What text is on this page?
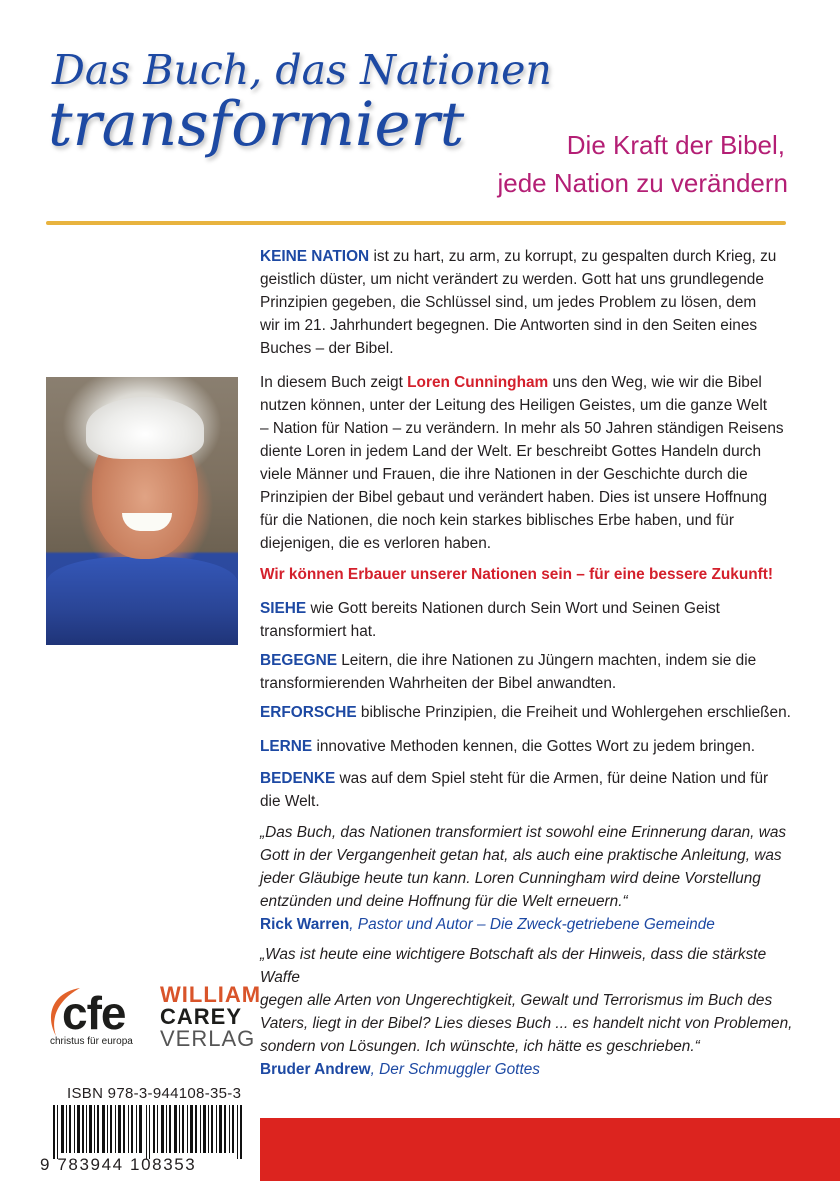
Das Buch, das Nationen
transformiert	Die Kraft der Bibel,
jede Nation zu verändern

KEINE NATION ist zu hart, zu arm, zu korrupt, zu gespalten durch Krieg, zu

geistlich düster, um nicht verändert zu werden. Gott hat uns grundlegende

Prinzipien gegeben, die Schlüssel sind, um jedes Problem zu lösen, dem

wir im 21. Jahrhundert begegnen. Die Antworten sind in den Seiten eines

Buches – der Bibel.

In diesem Buch zeigt Loren Cunningham uns den Weg, wie wir die Bibel

nutzen können, unter der Leitung des Heiligen Geistes, um die ganze Welt

– Nation für Nation – zu verändern. In mehr als 50 Jahren ständigen Reisens

diente Loren in jedem Land der Welt. Er beschreibt Gottes Handeln durch

viele Männer und Frauen, die ihre Nationen in der Geschichte durch die

Prinzipien der Bibel gebaut und verändert haben. Dies ist unsere Hoffnung

für die Nationen, die noch kein starkes biblisches Erbe haben, und für

diejenigen, die es verloren haben.

Wir können Erbauer unserer Nationen sein – für eine bessere Zukunft!

SIEHE wie Gott bereits Nationen durch Sein Wort und Seinen Geist

transformiert hat.

BEGEGNE Leitern, die ihre Nationen zu Jüngern machten, indem sie die

transformierenden Wahrheiten der Bibel anwandten.

ERFORSCHE biblische Prinzipien, die Freiheit und Wohlergehen erschließen.

LERNE innovative Methoden kennen, die Gottes Wort zu jedem bringen.

BEDENKE was auf dem Spiel steht für die Armen, für deine Nation und für

die Welt.

„Das Buch, das Nationen transformiert ist sowohl eine Erinnerung daran, was

Gott in der Vergangenheit getan hat, als auch eine praktische Anleitung, was

jeder Gläubige heute tun kann. Loren Cunningham wird deine Vorstellung

entzünden und deine Hoffnung für die Welt erneuern.“

Rick Warren, Pastor und Autor – Die Zweck-getriebene Gemeinde

„Was ist heute eine wichtigere Botschaft als der Hinweis, dass die stärkste Waffe

gegen alle Arten von Ungerechtigkeit, Gewalt und Terrorismus im Buch des

Vaters, liegt in der Bibel? Lies dieses Buch ... es handelt nicht von Problemen,

sondern von Lösungen. Ich wünschte, ich hätte es geschrieben.“

Bruder Andrew, Der Schmuggler Gottes

cfe
christus für europa
WILLIAM
CAREY
VERLAG
ISBN 978-3-944108-35-3
9 783944 108353
